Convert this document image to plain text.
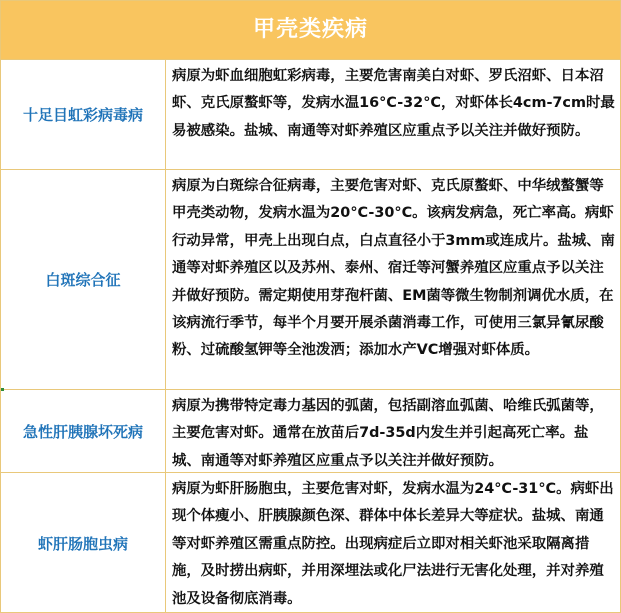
甲壳类疾病
十足目虹彩病毒病
病原为虾血细胞虹彩病毒，主要危害南美白对虾、罗氏沼虾、日本沼虾、克氏原螯虾等，发病水温16°C-32°C，对虾体长4cm-7cm时最易被感染。盐城、南通等对虾养殖区应重点予以关注并做好预防。
白斑综合征
病原为白斑综合征病毒，主要危害对虾、克氏原螯虾、中华绒螯蟹等甲壳类动物，发病水温为20°C-30°C。该病发病急，死亡率高。病虾行动异常，甲壳上出现白点，白点直径小于3mm或连成片。盐城、南通等对虾养殖区以及苏州、泰州、宿迁等河蟹养殖区应重点予以关注并做好预防。需定期使用芽孢杆菌、EM菌等微生物制剂调优水质，在该病流行季节，每半个月要开展杀菌消毒工作，可使用三氯异氰尿酸粉、过硫酸氢钾等全池泼洒；添加水产VC增强对虾体质。
急性肝胰腺坏死病
病原为携带特定毒力基因的弧菌，包括副溶血弧菌、哈维氏弧菌等，主要危害对虾。通常在放苗后7d-35d内发生并引起高死亡率。盐城、南通等对虾养殖区应重点予以关注并做好预防。
虾肝肠胞虫病
病原为虾肝肠胞虫，主要危害对虾，发病水温为24°C-31°C。病虾出现个体瘦小、肝胰腺颜色深、群体中体长差异大等症状。盐城、南通等对虾养殖区需重点防控。出现病症后立即对相关虾池采取隔离措施，及时捞出病虾，并用深埋法或化尸法进行无害化处理，并对养殖池及设备彻底消毒。
